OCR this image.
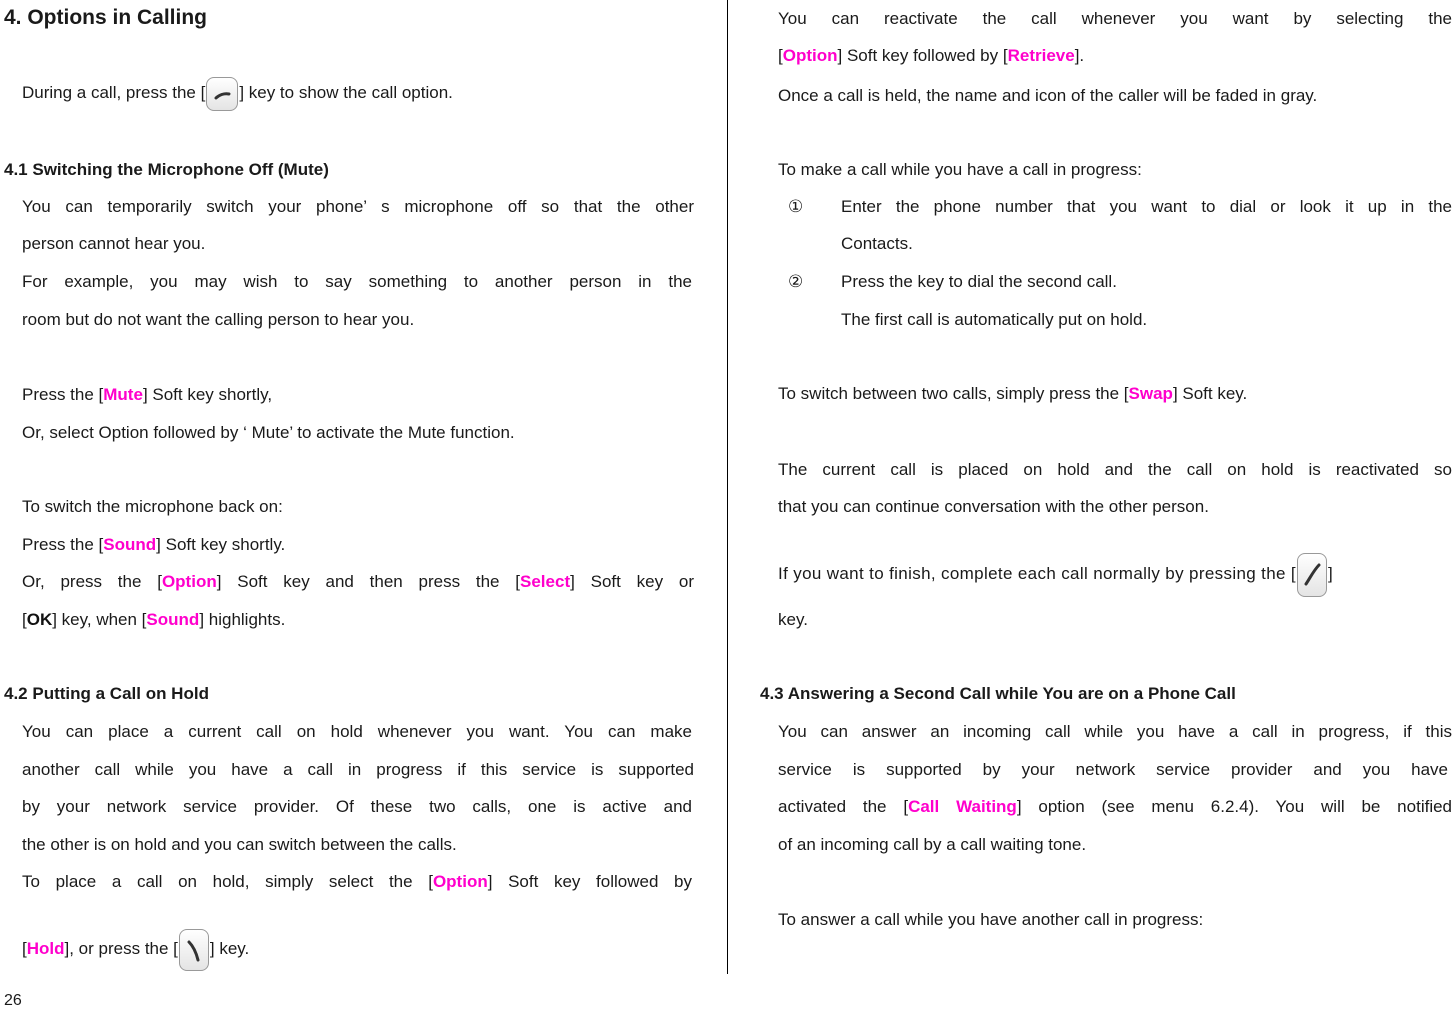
4. Options in Calling
During a call, press the [ ] key to show the call option.
4.1 Switching the Microphone Off (Mute)
You can temporarily switch your phone’ s microphone off so that the other
person cannot hear you.
For example, you may wish to say something to another person in the
room but do not want the calling person to hear you.
Press the [Mute] Soft key shortly,
Or, select Option followed by ‘ Mute’ to activate the Mute function.
To switch the microphone back on:
Press the [Sound] Soft key shortly.
Or, press the [Option] Soft key and then press the [Select] Soft key or
[OK] key, when [Sound] highlights.
4.2 Putting a Call on Hold
You can place a current call on hold whenever you want. You can make
another call while you have a call in progress if this service is supported
by your network service provider. Of these two calls, one is active and
the other is on hold and you can switch between the calls.
To place a call on hold, simply select the [Option] Soft key followed by
[Hold], or press the [ ] key.
You can reactivate the call whenever you want by selecting the
[Option] Soft key followed by [Retrieve].
Once a call is held, the name and icon of the caller will be faded in gray.
To make a call while you have a call in progress:
① Enter the phone number that you want to dial or look it up in the
Contacts.
② Press the key to dial the second call.
The first call is automatically put on hold.
To switch between two calls, simply press the [Swap] Soft key.
The current call is placed on hold and the call on hold is reactivated so
that you can continue conversation with the other person.
If you want to finish, complete each call normally by pressing the [ ]
key.
4.3 Answering a Second Call while You are on a Phone Call
You can answer an incoming call while you have a call in progress, if this
service is supported by your network service provider and you have
activated the [Call Waiting] option (see menu 6.2.4). You will be notified
of an incoming call by a call waiting tone.
To answer a call while you have another call in progress:
26
